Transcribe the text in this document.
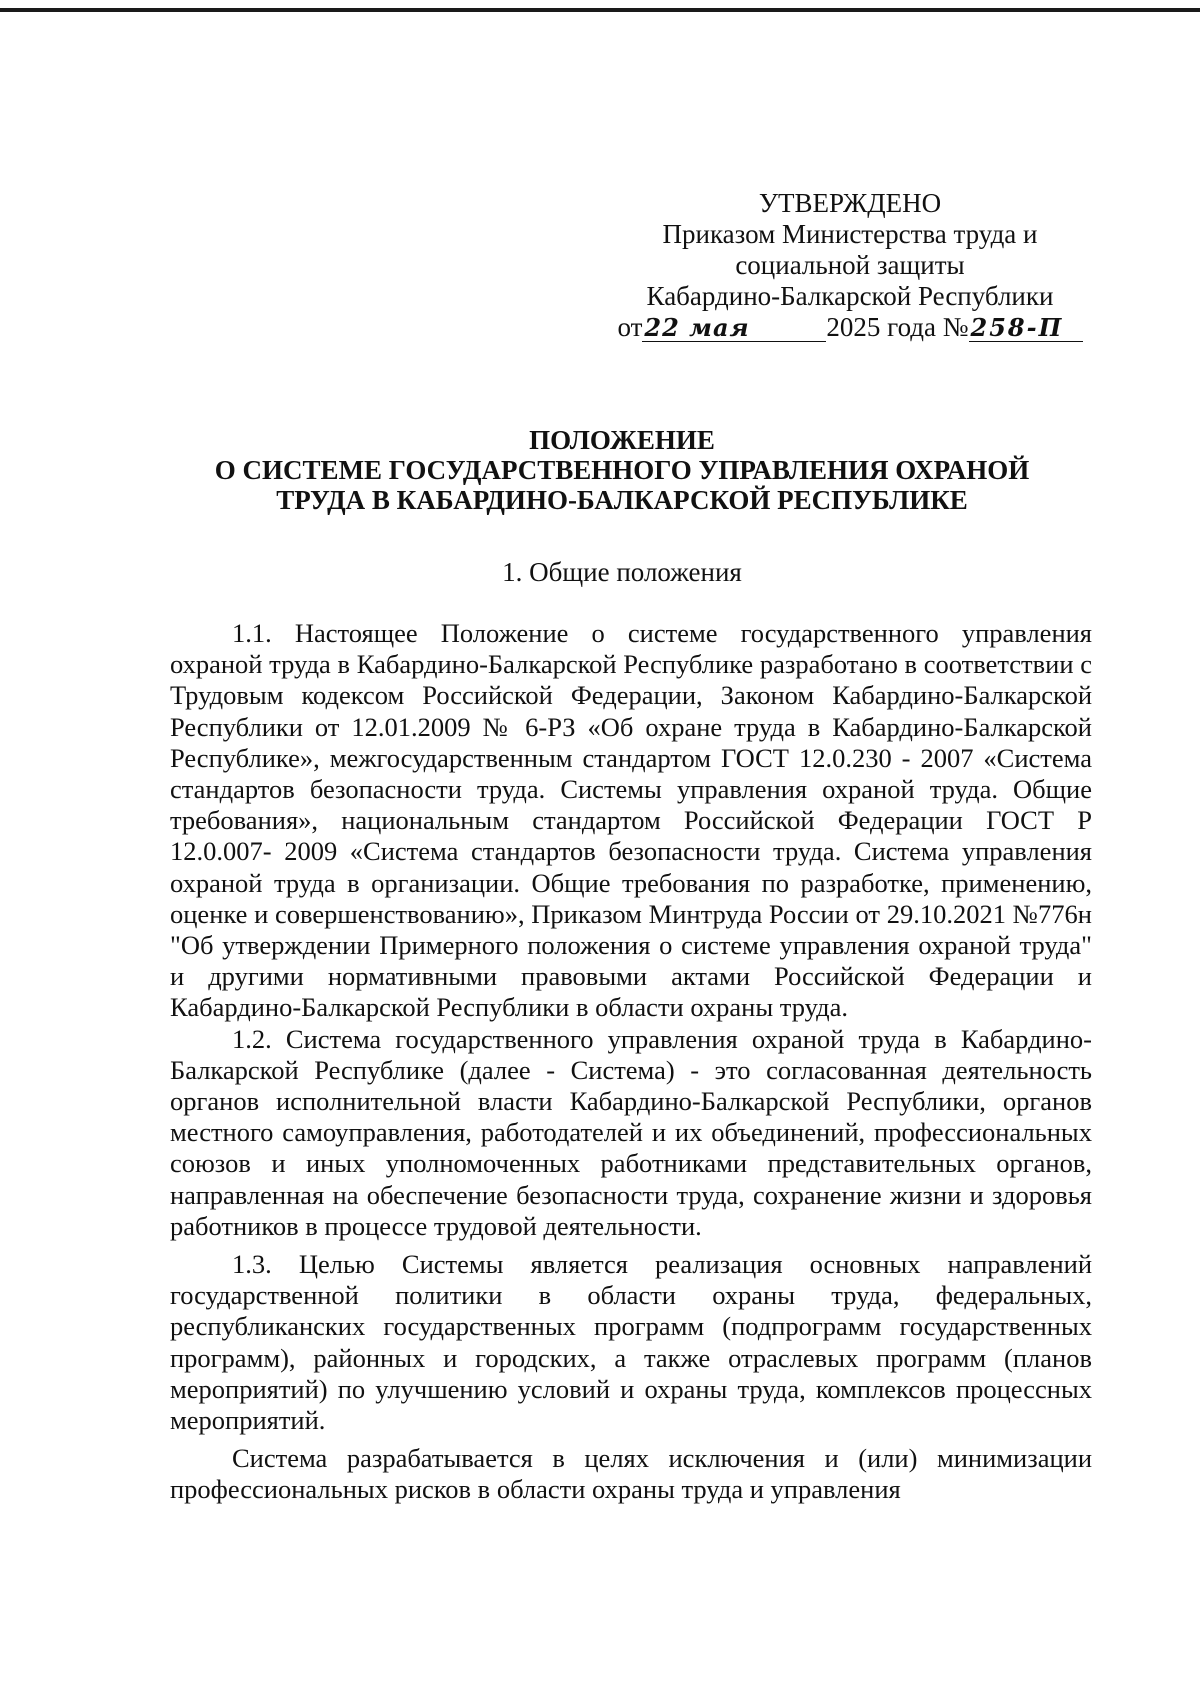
УТВЕРЖДЕНО
Приказом Министерства труда и
социальной защиты
Кабардино-Балкарской Республики
от22 мая	2025 года №258-П
ПОЛОЖЕНИЕ
О СИСТЕМЕ ГОСУДАРСТВЕННОГО УПРАВЛЕНИЯ ОХРАНОЙ
ТРУДА В КАБАРДИНО-БАЛКАРСКОЙ РЕСПУБЛИКЕ
1. Общие положения

1.1. Настоящее Положение о системе государственного управления охраной труда в Кабардино-Балкарской Республике разработано в соответствии с Трудовым кодексом Российской Федерации, Законом Кабардино-Балкарской Республики от 12.01.2009 № 6-РЗ «Об охране труда в Кабардино-Балкарской Республике», межгосударственным стандартом ГОСТ 12.0.230 - 2007 «Система стандартов безопасности труда. Системы управления охраной труда. Общие требования», национальным стандартом Российской Федерации ГОСТ Р 12.0.007- 2009 «Система стандартов безопасности труда. Система управления охраной труда в организации. Общие требования по разработке, применению, оценке и совершенствованию», Приказом Минтруда России от 29.10.2021 №776н "Об утверждении Примерного положения о системе управления охраной труда" и другими нормативными правовыми актами Российской Федерации и Кабардино-Балкарской Республики в области охраны труда.

1.2. Система государственного управления охраной труда в Кабардино-Балкарской Республике (далее - Система) - это согласованная деятельность органов исполнительной власти Кабардино-Балкарской Республики, органов местного самоуправления, работодателей и их объединений, профессиональных союзов и иных уполномоченных работниками представительных органов, направленная на обеспечение безопасности труда, сохранение жизни и здоровья работников в процессе трудовой деятельности.

1.3. Целью Системы является реализация основных направлений государственной политики в области охраны труда, федеральных, республиканских государственных программ (подпрограмм государственных программ), районных и городских, а также отраслевых программ (планов мероприятий) по улучшению условий и охраны труда, комплексов процессных мероприятий.

Система разрабатывается в целях исключения и (или) минимизации профессиональных рисков в области охраны труда и управления
